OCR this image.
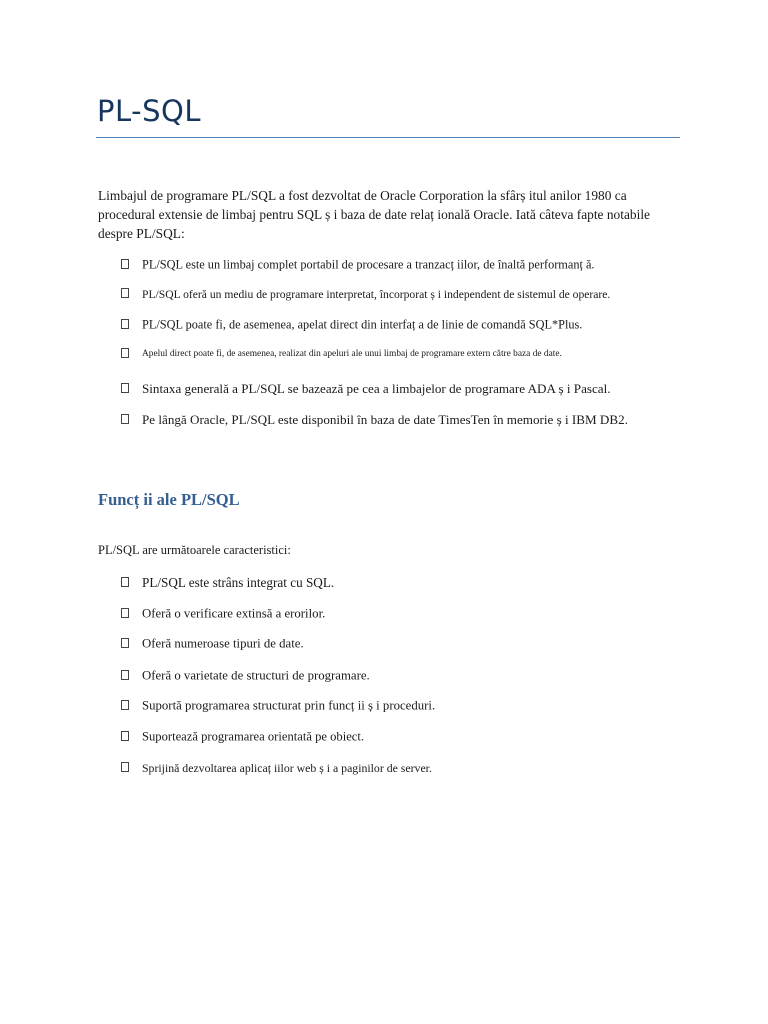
PL-SQL

Limbajul de programare PL/SQL a fost dezvoltat de Oracle Corporation la sfârș itul anilor 1980 ca procedural extensie de limbaj pentru SQL ș i baza de date relaț ională Oracle. Iată câteva fapte notabile despre PL/SQL:

PL/SQL este un limbaj complet portabil de procesare a tranzacț iilor, de înaltă performanț ă.
PL/SQL oferă un mediu de programare interpretat, încorporat ș i independent de sistemul de operare.
PL/SQL poate fi, de asemenea, apelat direct din interfaț a de linie de comandă SQL*Plus.
Apelul direct poate fi, de asemenea, realizat din apeluri ale unui limbaj de programare extern către baza de date.
Sintaxa generală a PL/SQL se bazează pe cea a limbajelor de programare ADA ș i Pascal.
Pe lângă Oracle, PL/SQL este disponibil în baza de date TimesTen în memorie ș i IBM DB2.
Funcț ii ale PL/SQL

PL/SQL are următoarele caracteristici:

PL/SQL este strâns integrat cu SQL.
Oferă o verificare extinsă a erorilor.
Oferă numeroase tipuri de date.
Oferă o varietate de structuri de programare.
Suportă programarea structurat prin funcț ii ș i proceduri.
Suportează programarea orientată pe obiect.
Sprijină dezvoltarea aplicaț iilor web ș i a paginilor de server.
